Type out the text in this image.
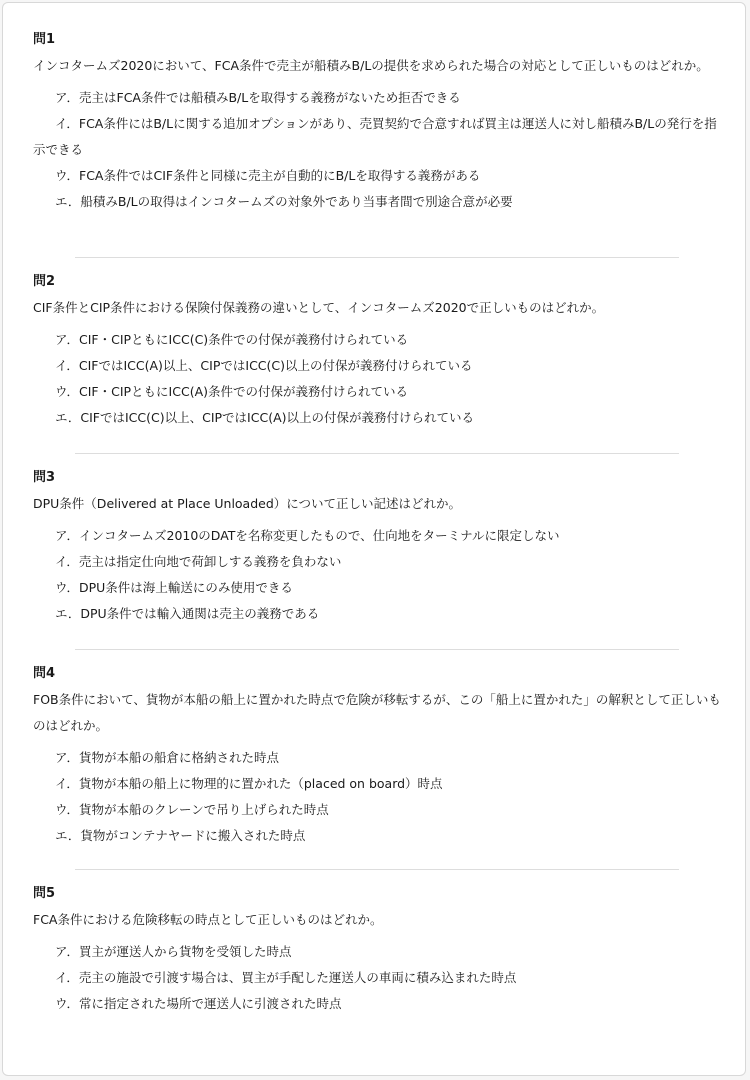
問1
インコタームズ2020において、FCA条件で売主が船積みB/Lの提供を求められた場合の対応として正しいものはどれか。
ア．売主はFCA条件では船積みB/Lを取得する義務がないため拒否できる
イ．FCA条件にはB/Lに関する追加オプションがあり、売買契約で合意すれば買主は運送人に対し船積みB/Lの発行を指示できる
ウ．FCA条件ではCIF条件と同様に売主が自動的にB/Lを取得する義務がある
エ．船積みB/Lの取得はインコタームズの対象外であり当事者間で別途合意が必要
問2
CIF条件とCIP条件における保険付保義務の違いとして、インコタームズ2020で正しいものはどれか。
ア．CIF・CIPともにICC(C)条件での付保が義務付けられている
イ．CIFではICC(A)以上、CIPではICC(C)以上の付保が義務付けられている
ウ．CIF・CIPともにICC(A)条件での付保が義務付けられている
エ．CIFではICC(C)以上、CIPではICC(A)以上の付保が義務付けられている
問3
DPU条件（Delivered at Place Unloaded）について正しい記述はどれか。
ア．インコタームズ2010のDATを名称変更したもので、仕向地をターミナルに限定しない
イ．売主は指定仕向地で荷卸しする義務を負わない
ウ．DPU条件は海上輸送にのみ使用できる
エ．DPU条件では輸入通関は売主の義務である
問4
FOB条件において、貨物が本船の船上に置かれた時点で危険が移転するが、この「船上に置かれた」の解釈として正しいものはどれか。
ア．貨物が本船の船倉に格納された時点
イ．貨物が本船の船上に物理的に置かれた（placed on board）時点
ウ．貨物が本船のクレーンで吊り上げられた時点
エ．貨物がコンテナヤードに搬入された時点
問5
FCA条件における危険移転の時点として正しいものはどれか。
ア．買主が運送人から貨物を受領した時点
イ．売主の施設で引渡す場合は、買主が手配した運送人の車両に積み込まれた時点
ウ．常に指定された場所で運送人に引渡された時点
